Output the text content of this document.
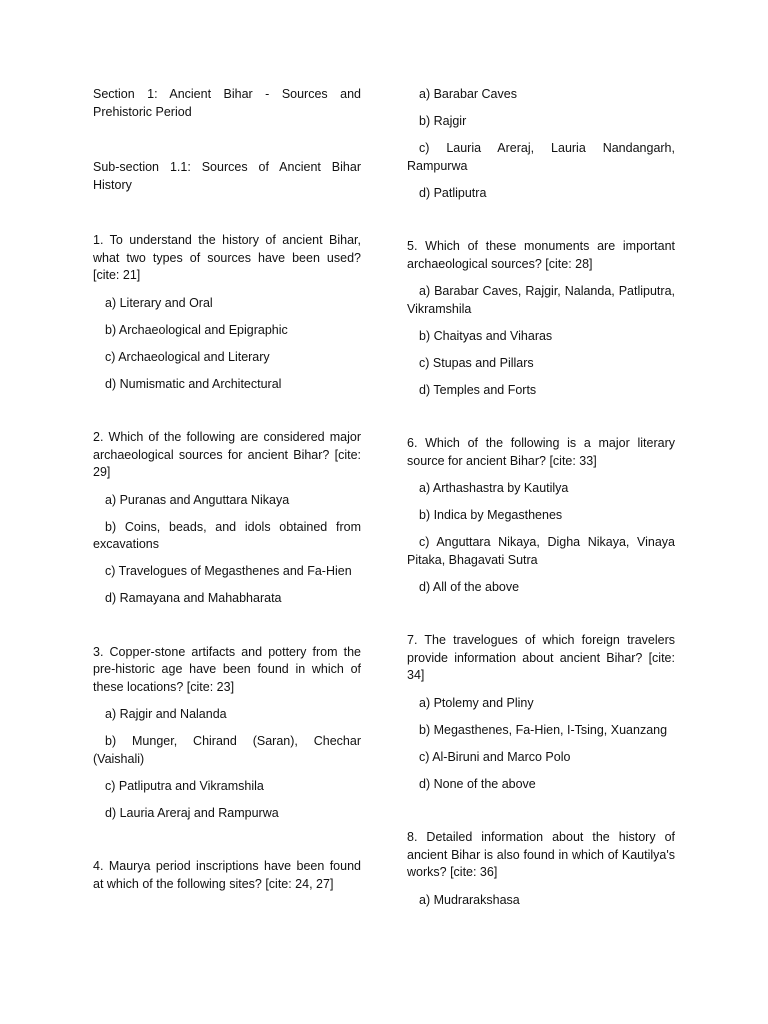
Section 1: Ancient Bihar - Sources and Prehistoric Period

Sub-section 1.1: Sources of Ancient Bihar History

1. To understand the history of ancient Bihar, what two types of sources have been used? [cite: 21]

a) Literary and Oral

b) Archaeological and Epigraphic

c) Archaeological and Literary

d) Numismatic and Architectural

2. Which of the following are considered major archaeological sources for ancient Bihar? [cite: 29]

a) Puranas and Anguttara Nikaya

b) Coins, beads, and idols obtained from excavations

c) Travelogues of Megasthenes and Fa-Hien

d) Ramayana and Mahabharata

3. Copper-stone artifacts and pottery from the pre-historic age have been found in which of these locations? [cite: 23]

a) Rajgir and Nalanda

b) Munger, Chirand (Saran), Chechar (Vaishali)

c) Patliputra and Vikramshila

d) Lauria Areraj and Rampurwa

4. Maurya period inscriptions have been found at which of the following sites? [cite: 24, 27]

a) Barabar Caves

b) Rajgir

c) Lauria Areraj, Lauria Nandangarh, Rampurwa

d) Patliputra

5. Which of these monuments are important archaeological sources? [cite: 28]

a) Barabar Caves, Rajgir, Nalanda, Patliputra, Vikramshila

b) Chaityas and Viharas

c) Stupas and Pillars

d) Temples and Forts

6. Which of the following is a major literary source for ancient Bihar? [cite: 33]

a) Arthashastra by Kautilya

b) Indica by Megasthenes

c) Anguttara Nikaya, Digha Nikaya, Vinaya Pitaka, Bhagavati Sutra

d) All of the above

7. The travelogues of which foreign travelers provide information about ancient Bihar? [cite: 34]

a) Ptolemy and Pliny

b) Megasthenes, Fa-Hien, I-Tsing, Xuanzang

c) Al-Biruni and Marco Polo

d) None of the above

8. Detailed information about the history of ancient Bihar is also found in which of Kautilya's works? [cite: 36]

a) Mudrarakshasa
